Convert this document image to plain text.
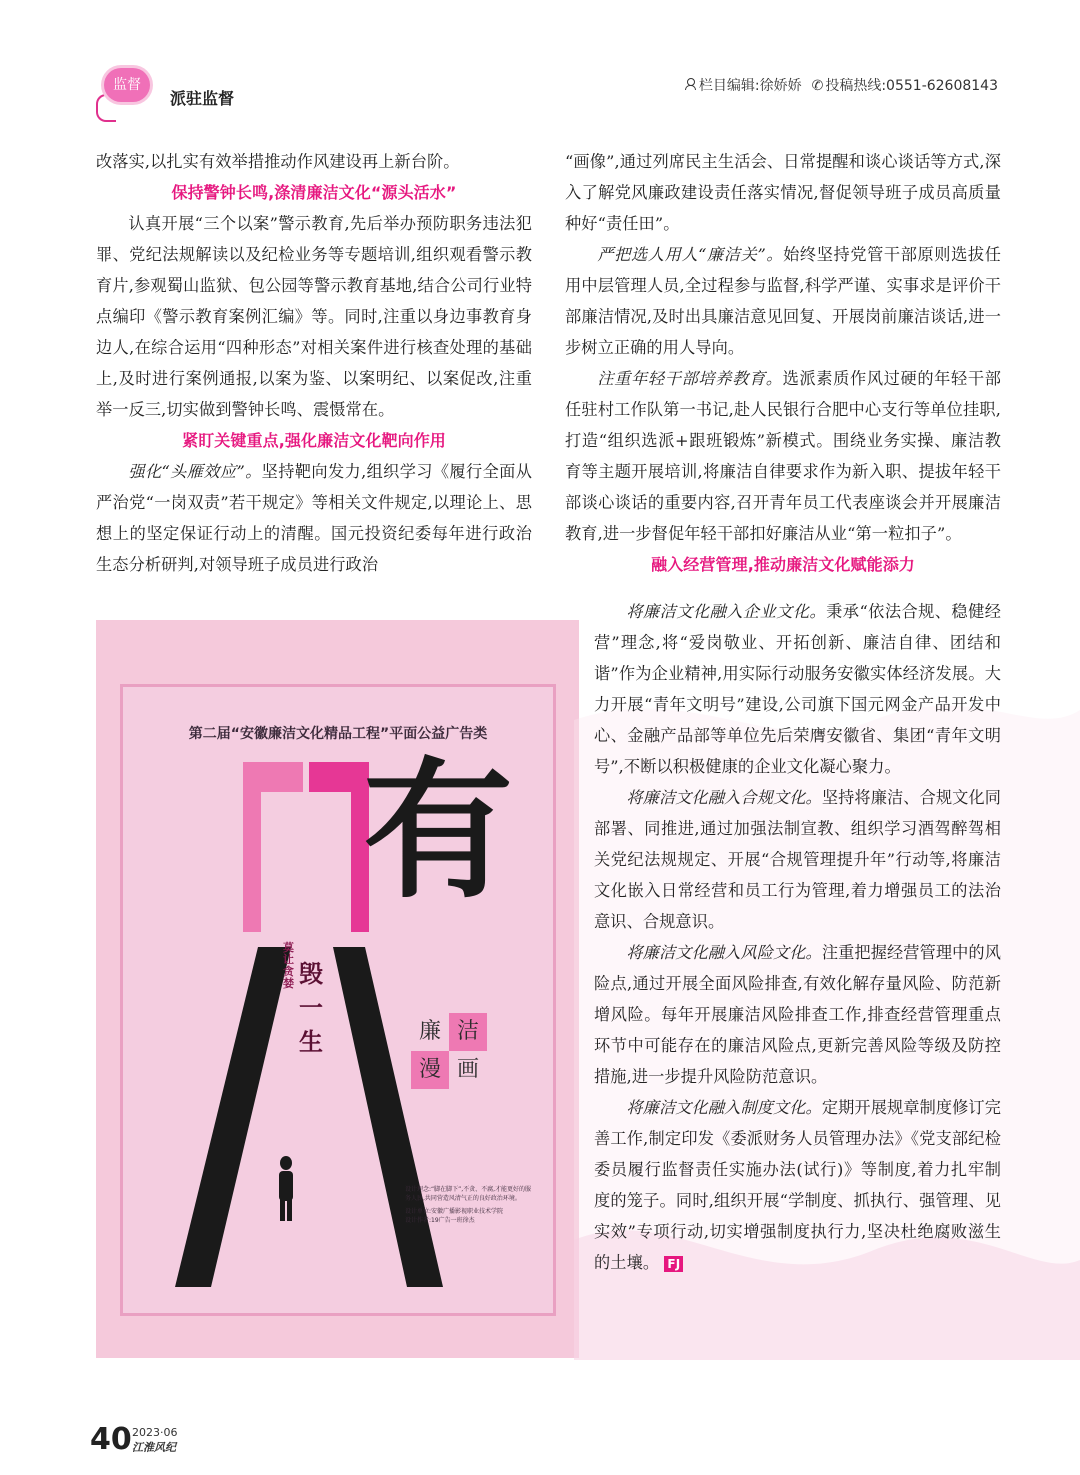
监督
派驻监督
栏目编辑:徐娇娇 ✆ 投稿热线:0551-62608143

改落实,以扎实有效举措推动作风建设再上新台阶。

保持警钟长鸣,涤清廉洁文化“源头活水”

认真开展“三个以案”警示教育,先后举办预防职务违法犯罪、党纪法规解读以及纪检业务等专题培训,组织观看警示教育片,参观蜀山监狱、包公园等警示教育基地,结合公司行业特点编印《警示教育案例汇编》等。同时,注重以身边事教育身边人,在综合运用“四种形态”对相关案件进行核查处理的基础上,及时进行案例通报,以案为鉴、以案明纪、以案促改,注重举一反三,切实做到警钟长鸣、震慑常在。

紧盯关键重点,强化廉洁文化靶向作用

强化“头雁效应”。坚持靶向发力,组织学习《履行全面从严治党“一岗双责”若干规定》等相关文件规定,以理论上、思想上的坚定保证行动上的清醒。国元投资纪委每年进行政治生态分析研判,对领导班子成员进行政治

第二届“安徽廉洁文化精品工程”平面公益广告类
有
莫让贪婪 毁一生	廉 洁
漫 画
设计理念:“脚在脚下”,不贪、不腐,才能更好的服务人民,共同营造风清气正的良好政治环境。
设计单位:安徽广播影视职业技术学院
设计作者:19广告一班徐杰

“画像”,通过列席民主生活会、日常提醒和谈心谈话等方式,深入了解党风廉政建设责任落实情况,督促领导班子成员高质量种好“责任田”。

严把选人用人“廉洁关”。始终坚持党管干部原则选拔任用中层管理人员,全过程参与监督,科学严谨、实事求是评价干部廉洁情况,及时出具廉洁意见回复、开展岗前廉洁谈话,进一步树立正确的用人导向。

注重年轻干部培养教育。选派素质作风过硬的年轻干部任驻村工作队第一书记,赴人民银行合肥中心支行等单位挂职,打造“组织选派+跟班锻炼”新模式。围绕业务实操、廉洁教育等主题开展培训,将廉洁自律要求作为新入职、提拔年轻干部谈心谈话的重要内容,召开青年员工代表座谈会并开展廉洁教育,进一步督促年轻干部扣好廉洁从业“第一粒扣子”。

融入经营管理,推动廉洁文化赋能添力

将廉洁文化融入企业文化。秉承“依法合规、稳健经营”理念,将“爱岗敬业、开拓创新、廉洁自律、团结和谐”作为企业精神,用实际行动服务安徽实体经济发展。大力开展“青年文明号”建设,公司旗下国元网金产品开发中心、金融产品部等单位先后荣膺安徽省、集团“青年文明号”,不断以积极健康的企业文化凝心聚力。

将廉洁文化融入合规文化。坚持将廉洁、合规文化同部署、同推进,通过加强法制宣教、组织学习酒驾醉驾相关党纪法规规定、开展“合规管理提升年”行动等,将廉洁文化嵌入日常经营和员工行为管理,着力增强员工的法治意识、合规意识。

将廉洁文化融入风险文化。注重把握经营管理中的风险点,通过开展全面风险排查,有效化解存量风险、防范新增风险。每年开展廉洁风险排查工作,排查经营管理重点环节中可能存在的廉洁风险点,更新完善风险等级及防控措施,进一步提升风险防范意识。

将廉洁文化融入制度文化。定期开展规章制度修订完善工作,制定印发《委派财务人员管理办法》《党支部纪检委员履行监督责任实施办法(试行)》等制度,着力扎牢制度的笼子。同时,组织开展“学制度、抓执行、强管理、见实效”专项行动,切实增强制度执行力,坚决杜绝腐败滋生的土壤。 FJ

40 2023·06
江淮风纪
